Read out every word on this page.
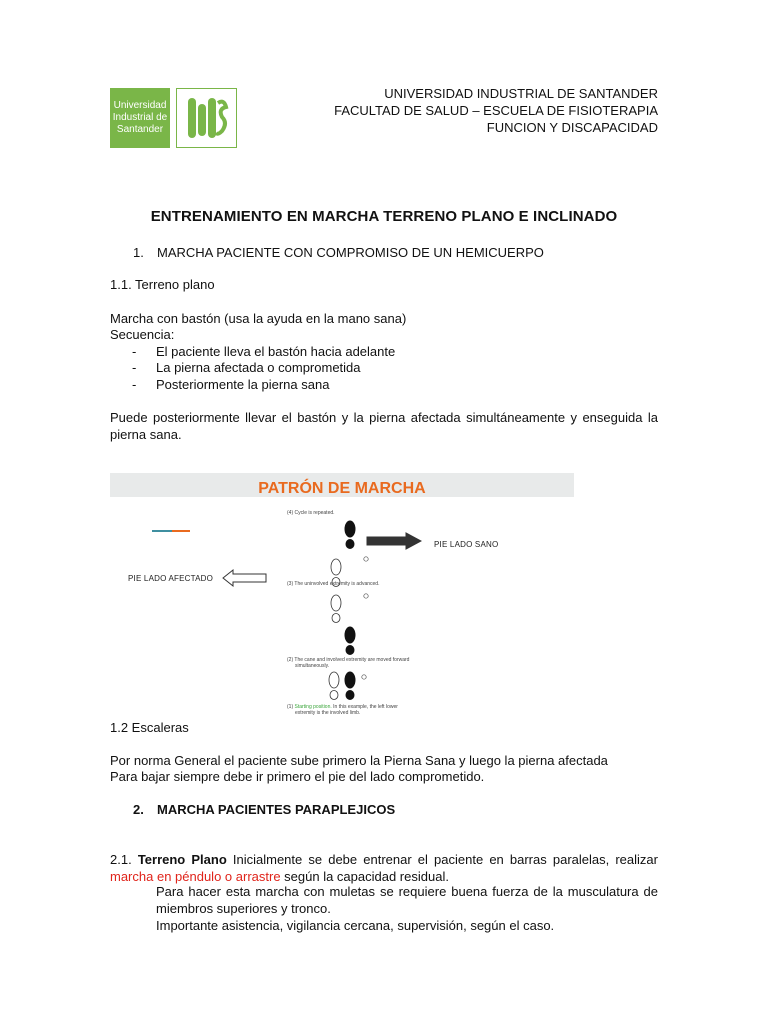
Universidad
Industrial de
Santander
UNIVERSIDAD INDUSTRIAL DE SANTANDER
FACULTAD DE SALUD – ESCUELA DE FISIOTERAPIA
FUNCION Y DISCAPACIDAD
ENTRENAMIENTO EN MARCHA TERRENO PLANO E INCLINADO
1. MARCHA PACIENTE CON COMPROMISO DE UN HEMICUERPO
1.1. Terreno plano
Marcha con bastón (usa la ayuda en la mano sana)
Secuencia:
- El paciente lleva el bastón hacia adelante
- La pierna afectada o comprometida
- Posteriormente la pierna sana
Puede posteriormente llevar el bastón y la pierna afectada simultáneamente y enseguida la pierna sana.
PATRÓN DE MARCHA
PIE LADO AFECTADO
(4) Cycle is repeated.
(3) The uninvolved extremity is advanced.
(2) The cane and involved extremity are moved forward
simultaneously.
(1) Starting position. In this example, the left lower
extremity is the involved limb.
PIE LADO SANO
1.2 Escaleras
Por norma General el paciente sube primero la Pierna Sana y luego la pierna afectada
Para bajar siempre debe ir primero el pie del lado comprometido.
2. MARCHA PACIENTES PARAPLEJICOS
2.1. Terreno Plano Inicialmente se debe entrenar el paciente en barras paralelas, realizar marcha en péndulo o arrastre según la capacidad residual.
Para hacer esta marcha con muletas se requiere buena fuerza de la musculatura de miembros superiores y tronco.
Importante asistencia, vigilancia cercana, supervisión, según el caso.
